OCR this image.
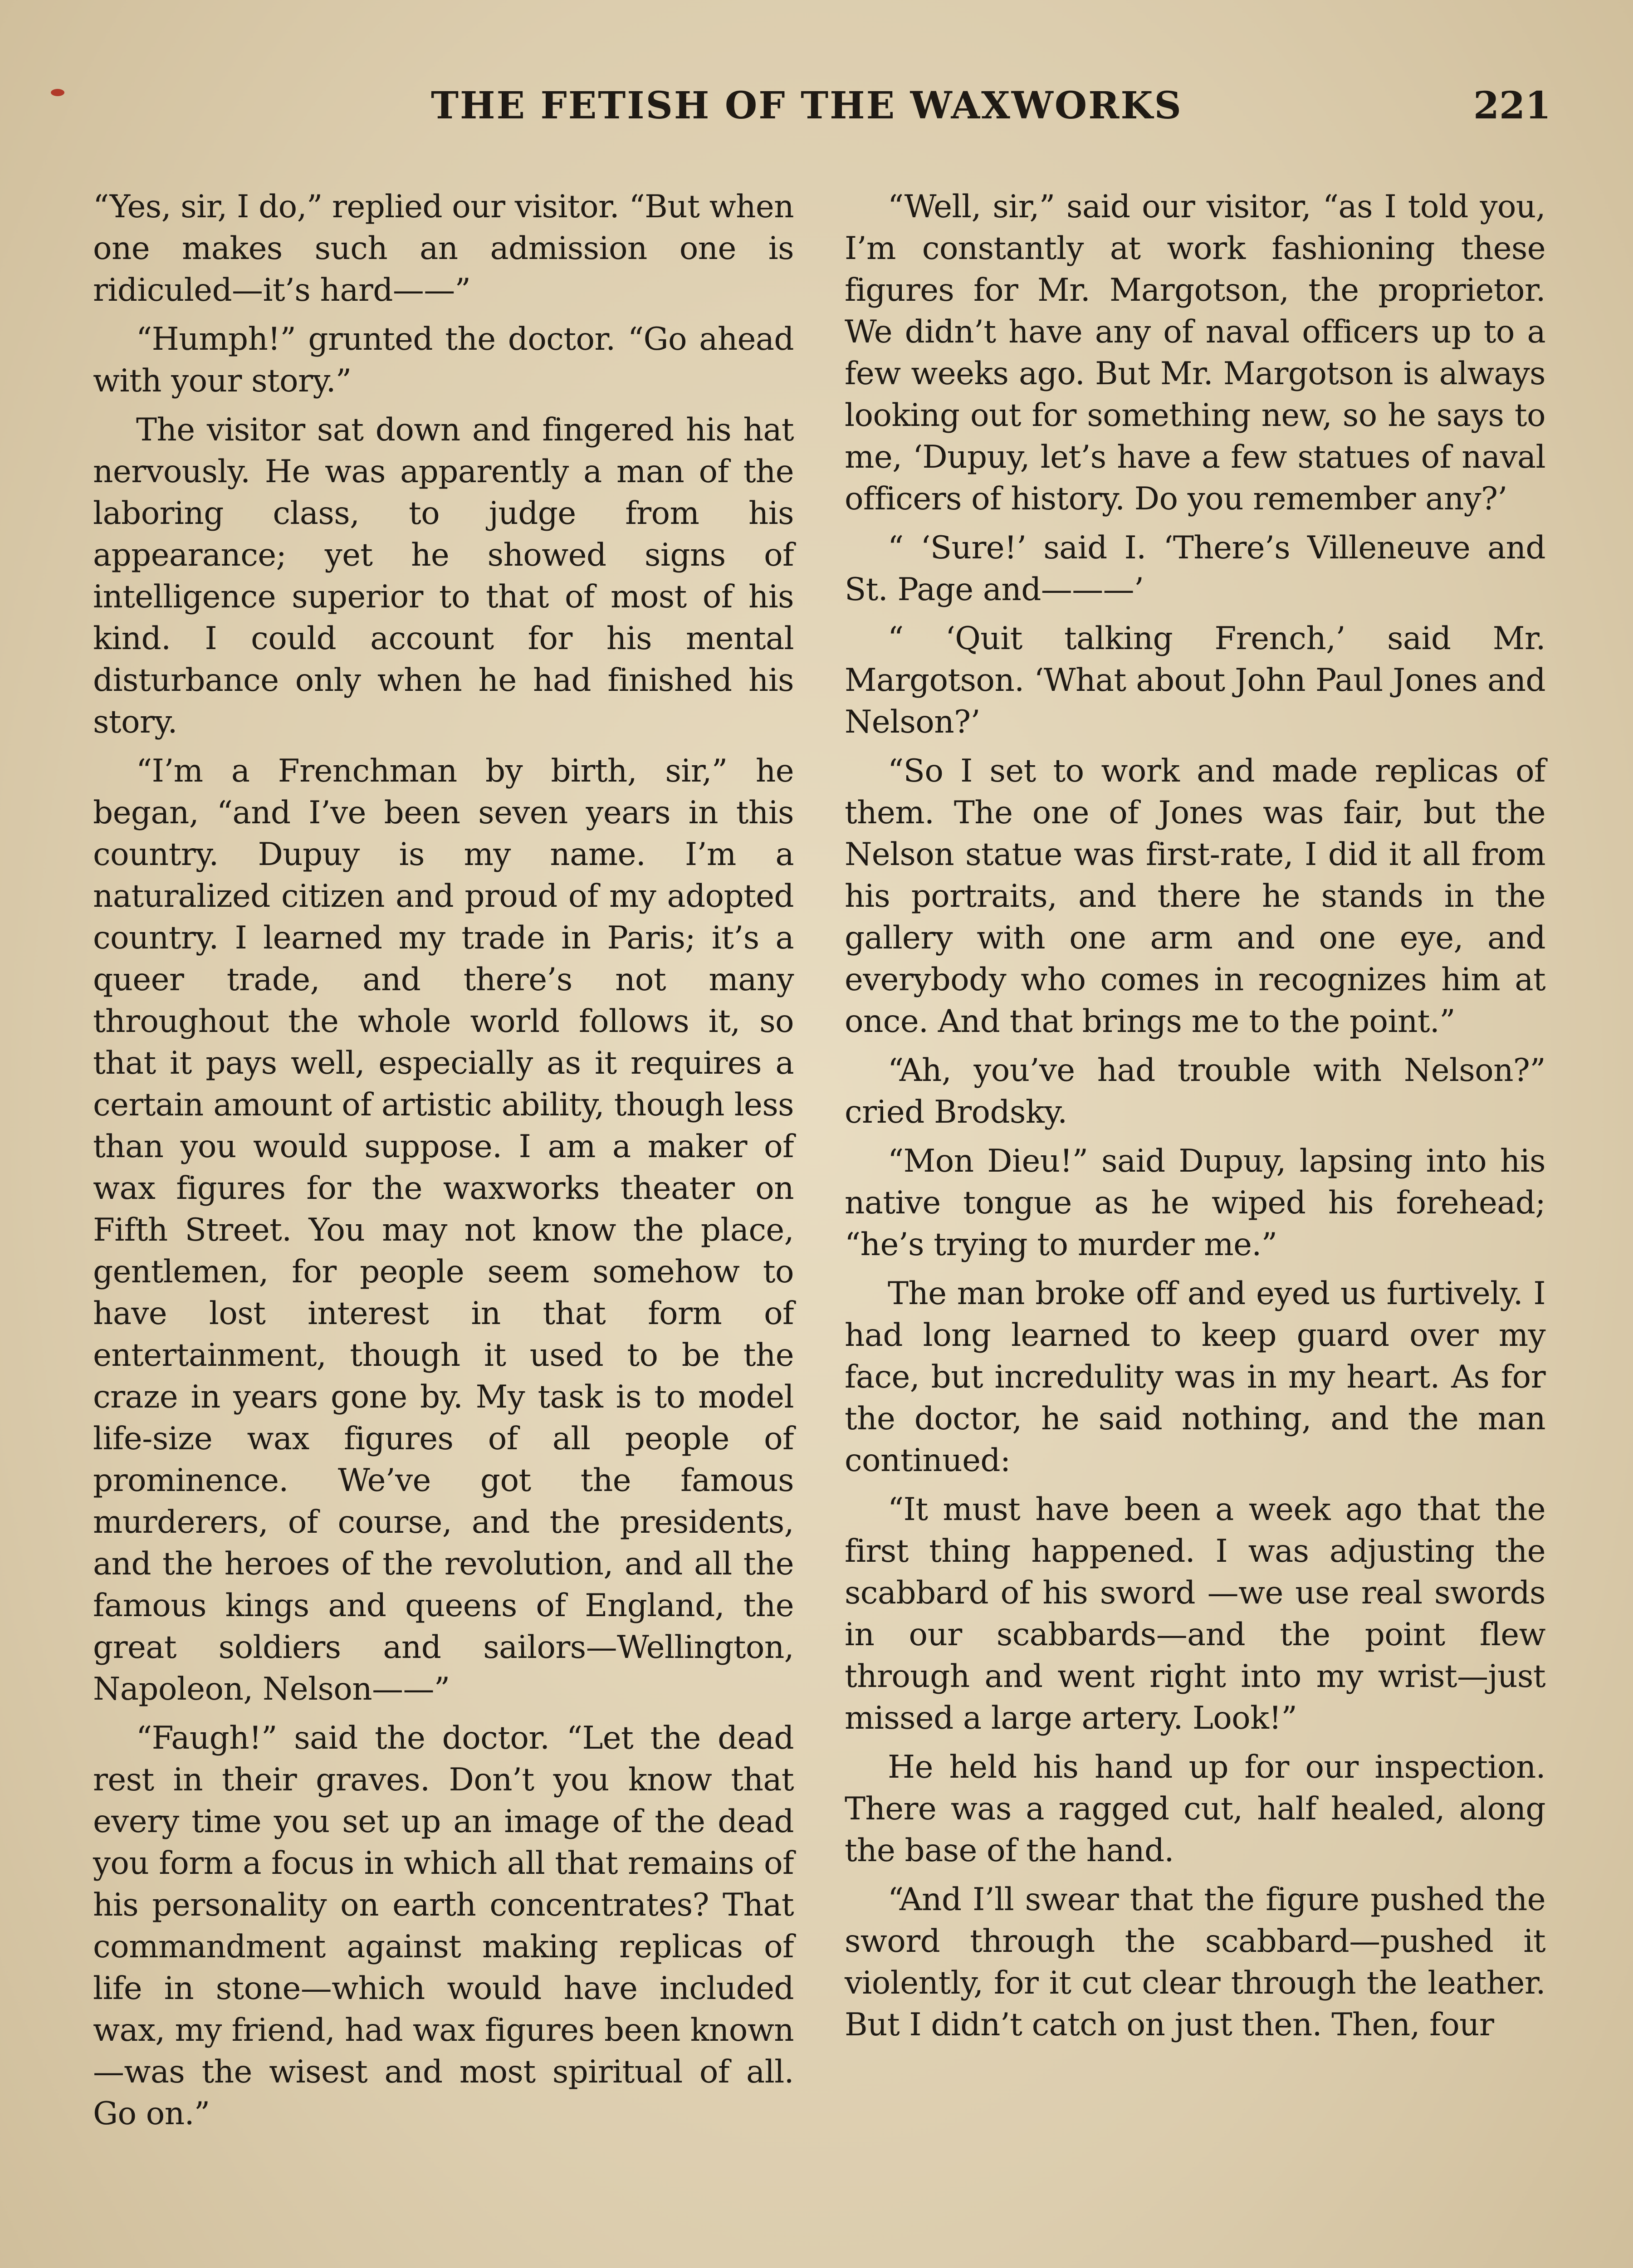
THE FETISH OF THE WAXWORKS	221

“Yes, sir, I do,” replied our visitor. “But when one makes such an admission one is ridiculed—it’s hard——”

“Humph!” grunted the doctor. “Go ahead with your story.”

The visitor sat down and fingered his hat nervously. He was apparently a man of the laboring class, to judge from his appearance; yet he showed signs of intelligence superior to that of most of his kind. I could account for his mental disturbance only when he had finished his story.

“I’m a Frenchman by birth, sir,” he began, “and I’ve been seven years in this country. Dupuy is my name. I’m a naturalized citizen and proud of my adopted country. I learned my trade in Paris; it’s a queer trade, and there’s not many throughout the whole world follows it, so that it pays well, especially as it requires a certain amount of artistic ability, though less than you would suppose. I am a maker of wax figures for the waxworks theater on Fifth Street. You may not know the place, gentlemen, for people seem somehow to have lost interest in that form of entertainment, though it used to be the craze in years gone by. My task is to model life-size wax figures of all people of prominence. We’ve got the famous murderers, of course, and the presidents, and the heroes of the revolution, and all the famous kings and queens of England, the great soldiers and sailors—Wellington, Napoleon, Nelson——”

“Faugh!” said the doctor. “Let the dead rest in their graves. Don’t you know that every time you set up an image of the dead you form a focus in which all that remains of his personality on earth concentrates? That commandment against making replicas of life in stone—which would have included wax, my friend, had wax figures been known—was the wisest and most spiritual of all. Go on.”

“Well, sir,” said our visitor, “as I told you, I’m constantly at work fashioning these figures for Mr. Margotson, the proprietor. We didn’t have any of naval officers up to a few weeks ago. But Mr. Margotson is always looking out for something new, so he says to me, ‘Dupuy, let’s have a few statues of naval officers of history. Do you remember any?’

“ ‘Sure!’ said I. ‘There’s Villeneuve and St. Page and———’

“ ‘Quit talking French,’ said Mr. Margotson. ‘What about John Paul Jones and Nelson?’

“So I set to work and made replicas of them. The one of Jones was fair, but the Nelson statue was first-rate, I did it all from his portraits, and there he stands in the gallery with one arm and one eye, and everybody who comes in recognizes him at once. And that brings me to the point.”

“Ah, you’ve had trouble with Nelson?” cried Brodsky.

“Mon Dieu!” said Dupuy, lapsing into his native tongue as he wiped his forehead; “he’s trying to murder me.”

The man broke off and eyed us furtively. I had long learned to keep guard over my face, but incredulity was in my heart. As for the doctor, he said nothing, and the man continued:

“It must have been a week ago that the first thing happened. I was adjusting the scabbard of his sword —we use real swords in our scabbards—and the point flew through and went right into my wrist—just missed a large artery. Look!”

He held his hand up for our inspection. There was a ragged cut, half healed, along the base of the hand.

“And I’ll swear that the figure pushed the sword through the scabbard—pushed it violently, for it cut clear through the leather. But I didn’t catch on just then. Then, four
